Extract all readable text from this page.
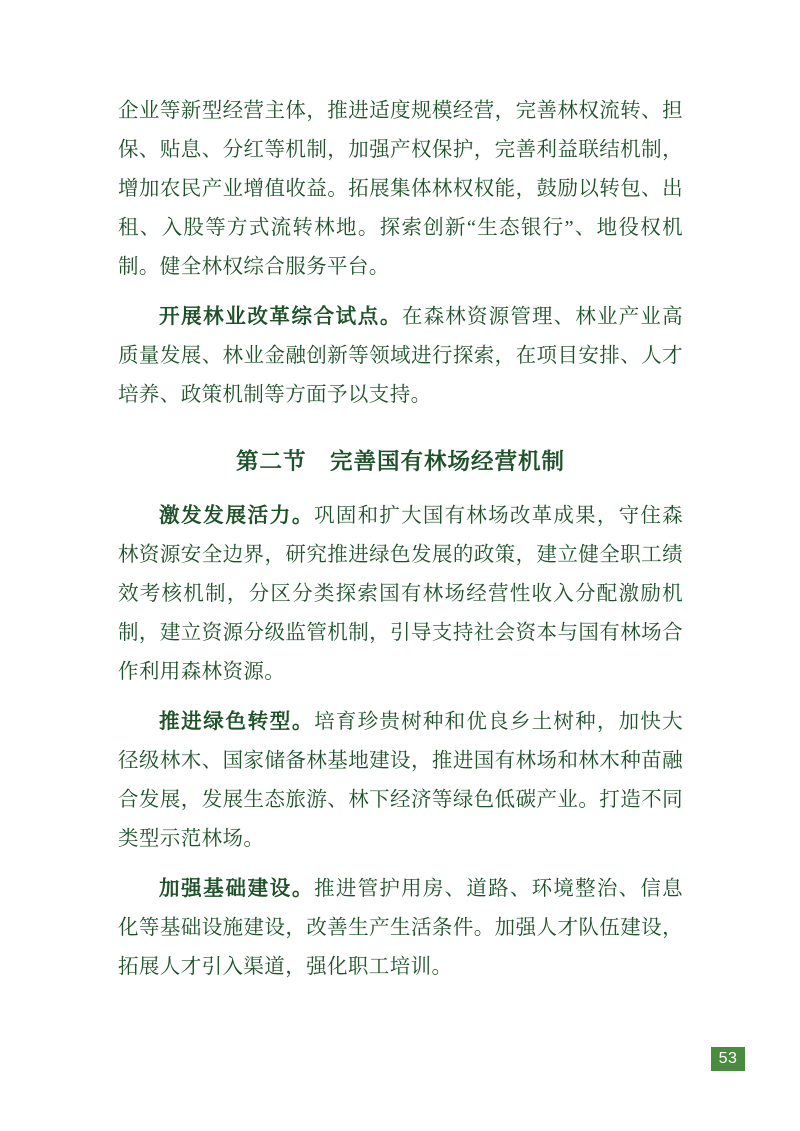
企业等新型经营主体，推进适度规模经营，完善林权流转、担保、贴息、分红等机制，加强产权保护，完善利益联结机制，增加农民产业增值收益。拓展集体林权权能，鼓励以转包、出租、入股等方式流转林地。探索创新“生态银行”、地役权机制。健全林权综合服务平台。

开展林业改革综合试点。在森林资源管理、林业产业高质量发展、林业金融创新等领域进行探索，在项目安排、人才培养、政策机制等方面予以支持。

第二节　完善国有林场经营机制

激发发展活力。巩固和扩大国有林场改革成果，守住森林资源安全边界，研究推进绿色发展的政策，建立健全职工绩效考核机制，分区分类探索国有林场经营性收入分配激励机制，建立资源分级监管机制，引导支持社会资本与国有林场合作利用森林资源。

推进绿色转型。培育珍贵树种和优良乡土树种，加快大径级林木、国家储备林基地建设，推进国有林场和林木种苗融合发展，发展生态旅游、林下经济等绿色低碳产业。打造不同类型示范林场。

加强基础建设。推进管护用房、道路、环境整治、信息化等基础设施建设，改善生产生活条件。加强人才队伍建设，拓展人才引入渠道，强化职工培训。

53
